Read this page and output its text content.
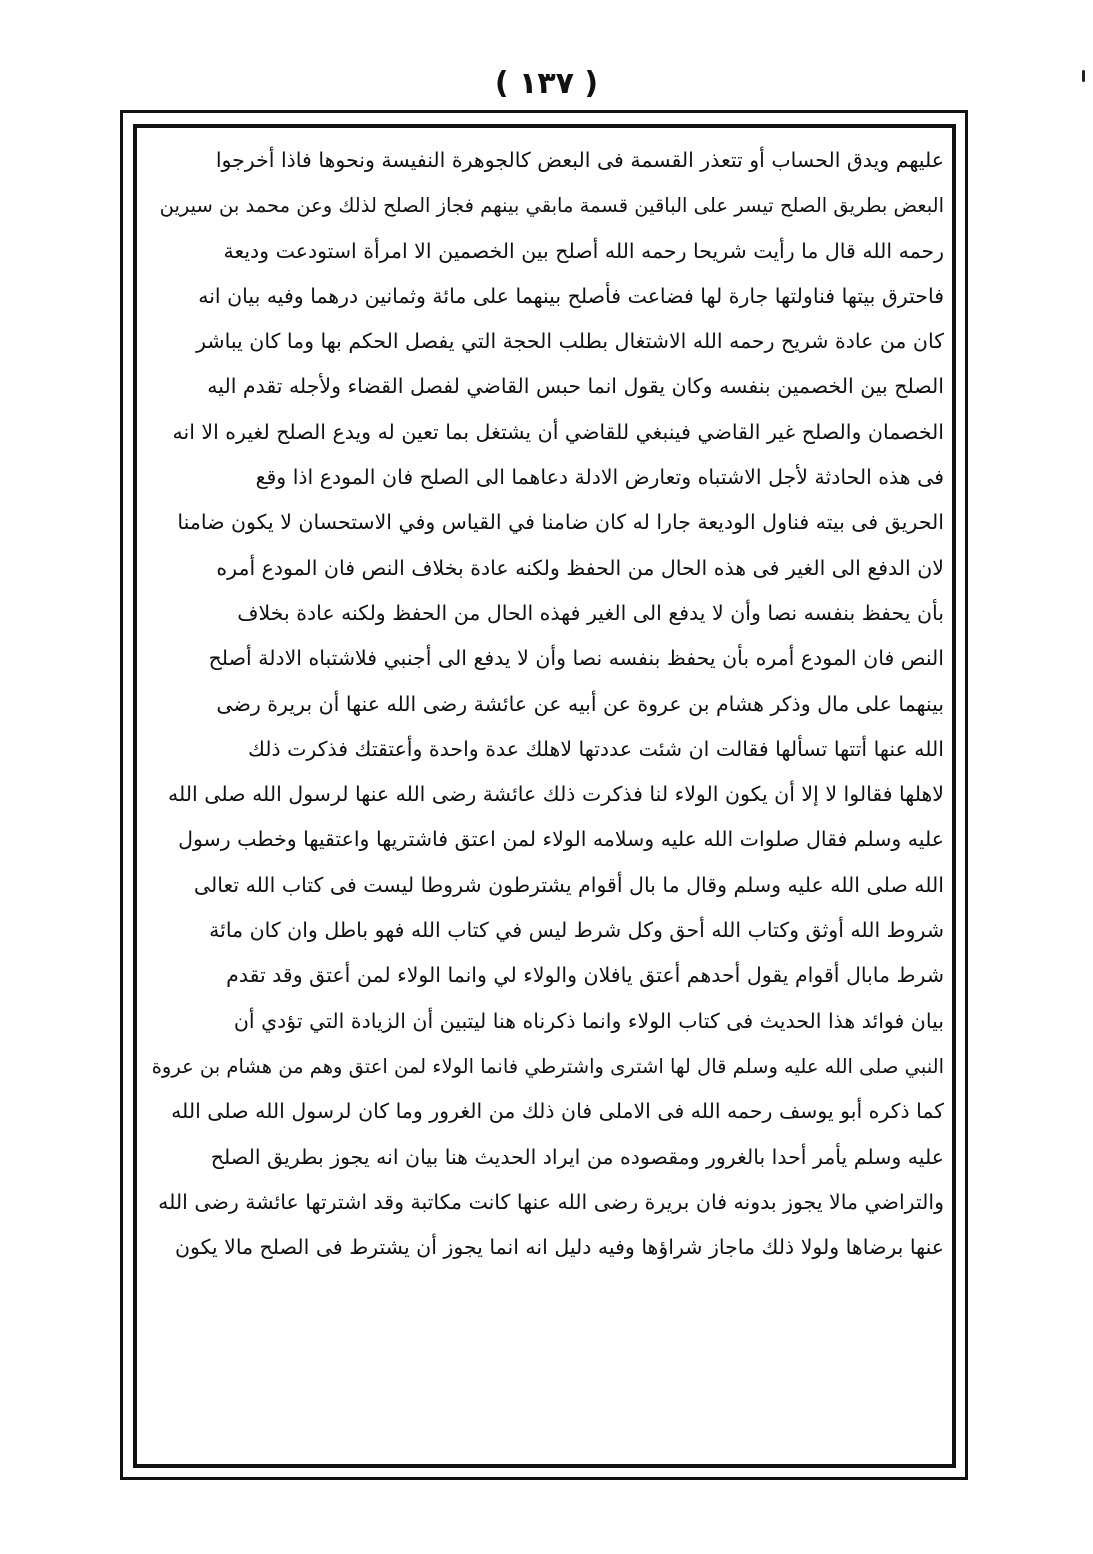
( ١٣٧ )
عليهم ويدق الحساب أو تتعذر القسمة فى البعض كالجوهرة النفيسة ونحوها فاذا أخرجوا
البعض بطريق الصلح تيسر على الباقين قسمة مابقي بينهم فجاز الصلح لذلك وعن محمد بن سيرين
رحمه الله قال ما رأيت شريحا رحمه الله أصلح بين الخصمين الا امرأة استودعت وديعة
فاحترق بيتها فناولتها جارة لها فضاعت فأصلح بينهما على مائة وثمانين درهما وفيه بيان انه
كان من عادة شريح رحمه الله الاشتغال بطلب الحجة التي يفصل الحكم بها وما كان يباشر
الصلح بين الخصمين بنفسه وكان يقول انما حبس القاضي لفصل القضاء ولأجله تقدم اليه
الخصمان والصلح غير القاضي فينبغي للقاضي أن يشتغل بما تعين له ويدع الصلح لغيره الا انه
فى هذه الحادثة لأجل الاشتباه وتعارض الادلة دعاهما الى الصلح فان المودع اذا وقع
الحريق فى بيته فناول الوديعة جارا له كان ضامنا في القياس وفي الاستحسان لا يكون ضامنا
لان الدفع الى الغير فى هذه الحال من الحفظ ولكنه عادة بخلاف النص فان المودع أمره
بأن يحفظ بنفسه نصا وأن لا يدفع الى الغير فهذه الحال من الحفظ ولكنه عادة بخلاف
النص فان المودع أمره بأن يحفظ بنفسه نصا وأن لا يدفع الى أجنبي فلاشتباه الادلة أصلح
بينهما على مال وذكر هشام بن عروة عن أبيه عن عائشة رضى الله عنها أن بريرة رضى
الله عنها أتتها تسألها فقالت ان شئت عددتها لاهلك عدة واحدة وأعتقتك فذكرت ذلك
لاهلها فقالوا لا إلا أن يكون الولاء لنا فذكرت ذلك عائشة رضى الله عنها لرسول الله صلى الله
عليه وسلم فقال صلوات الله عليه وسلامه الولاء لمن اعتق فاشتريها واعتقيها وخطب رسول
الله صلى الله عليه وسلم وقال ما بال أقوام يشترطون شروطا ليست فى كتاب الله تعالى
شروط الله أوثق وكتاب الله أحق وكل شرط ليس في كتاب الله فهو باطل وان كان مائة
شرط مابال أقوام يقول أحدهم أعتق يافلان والولاء لي وانما الولاء لمن أعتق وقد تقدم
بيان فوائد هذا الحديث فى كتاب الولاء وانما ذكرناه هنا ليتبين أن الزيادة التي تؤدي أن
النبي صلى الله عليه وسلم قال لها اشترى واشترطي فانما الولاء لمن اعتق وهم من هشام بن عروة
كما ذكره أبو يوسف رحمه الله فى الاملى فان ذلك من الغرور وما كان لرسول الله صلى الله
عليه وسلم يأمر أحدا بالغرور ومقصوده من ايراد الحديث هنا بيان انه يجوز بطريق الصلح
والتراضي مالا يجوز بدونه فان بريرة رضى الله عنها كانت مكاتبة وقد اشترتها عائشة رضى الله
عنها برضاها ولولا ذلك ماجاز شراؤها وفيه دليل انه انما يجوز أن يشترط فى الصلح مالا يكون
